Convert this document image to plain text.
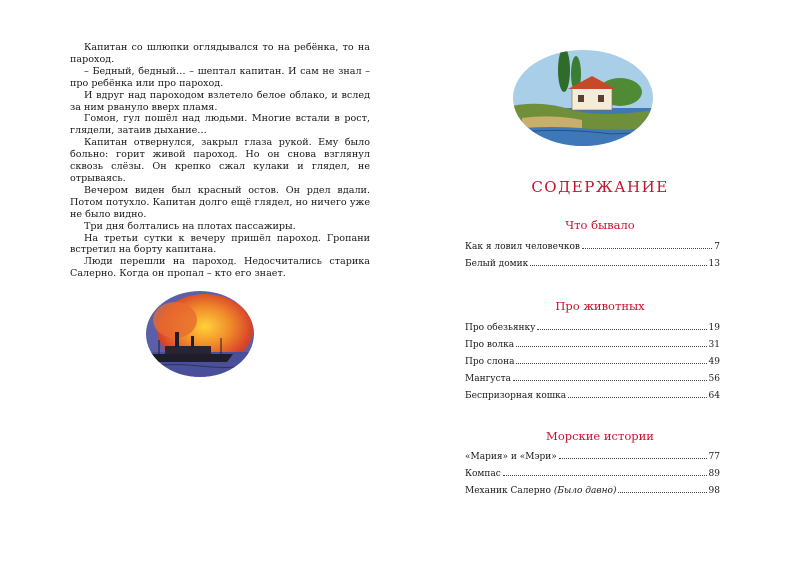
Капитан со шлюпки оглядывался то на ребёнка, то на пароход.

– Бедный, бедный… – шептал капитан. И сам не знал – про ребёнка или про пароход.

И вдруг над пароходом взлетело белое облако, и вслед за ним рванулo вверх пламя.

Гомон, гул пошёл над людьми. Многие встали в рост, глядели, затаив дыхание…

Капитан отвернулся, закрыл глаза рукой. Ему было больно: горит живой пароход. Но он снова взглянул сквозь слёзы. Он крепко сжал кулаки и глядел, не отрываясь.

Вечером виден был красный остов. Он рдел вдали. Потом потухло. Капитан долго ещё глядел, но ничего уже не было видно.

Три дня болтались на плотах пассажиры.

На третьи сутки к вечеру пришёл пароход. Гропани встретил на борту капитана.

Люди перешли на пароход. Недосчитались старика Салерно. Когда он пропал – кто его знает.

СОДЕРЖАНИЕ
Что бывало
Как я ловил человечков	7
Белый домик	13
Про животных
Про обезьянку	19
Про волка	31
Про слона	49
Мангуста	56
Беспризорная кошка	64
Морские истории
«Мария» и «Мэри»	77
Компас	89
Механик Салерно (Было давно)	98
